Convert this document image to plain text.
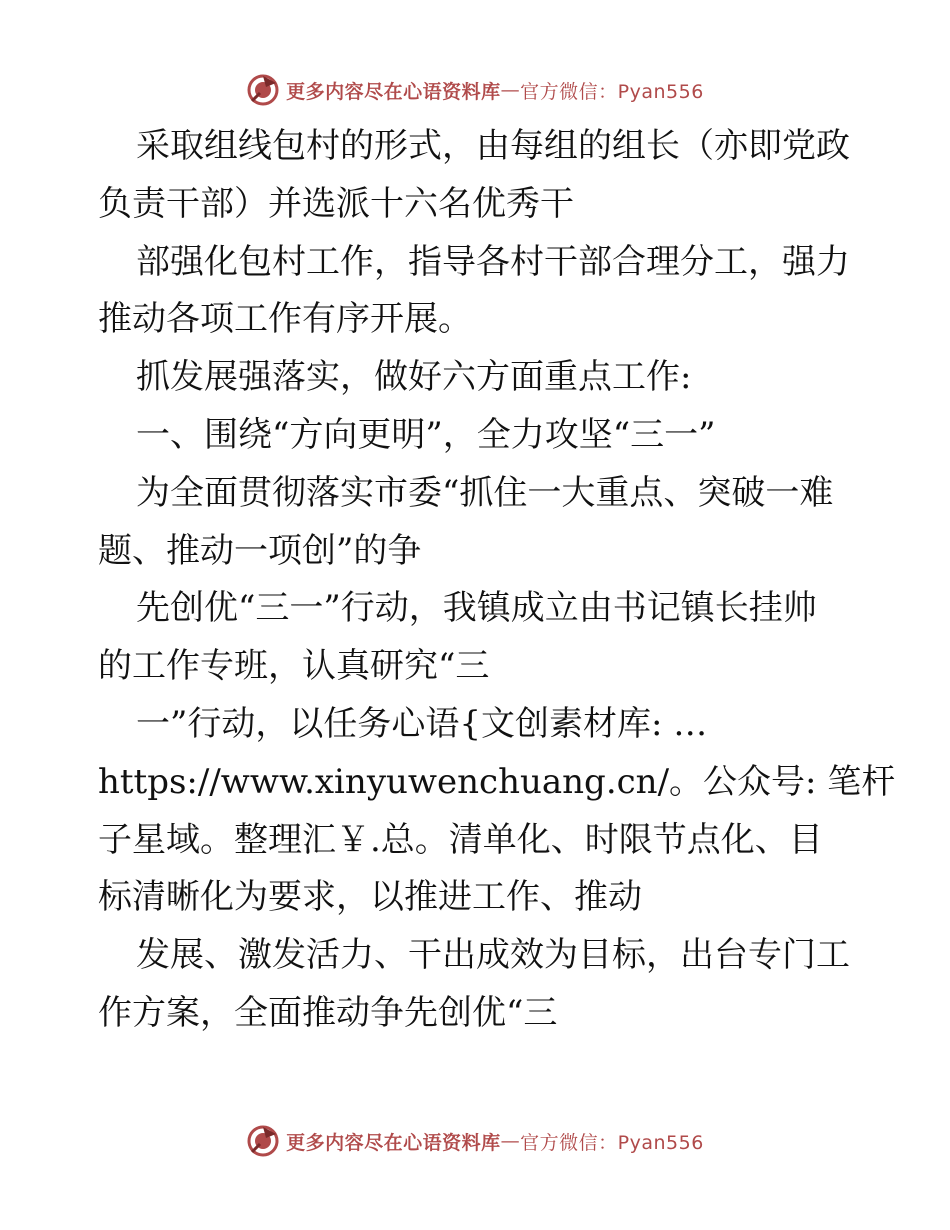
更多内容尽在心语资料库 — 官方微信：Pyan556

采取组线包村的形式，由每组的组长（亦即党政

负责干部）并选派十六名优秀干

部强化包村工作，指导各村干部合理分工，强力

推动各项工作有序开展。

抓发展强落实，做好六方面重点工作:

一、围绕“方向更明”，全力攻坚“三一”

为全面贯彻落实市委“抓住一大重点、突破一难

题、推动一项创”的争

先创优“三一”行动，我镇成立由书记镇长挂帅

的工作专班，认真研究“三

一”行动，以任务心语{文创素材库: …

https://www.xinyuwenchuang.cn/。公众号: 笔杆

子星域。整理汇￥.总。清单化、时限节点化、目

标清晰化为要求，以推进工作、推动

发展、激发活力、干出成效为目标，出台专门工

作方案，全面推动争先创优“三

更多内容尽在心语资料库 — 官方微信：Pyan556
